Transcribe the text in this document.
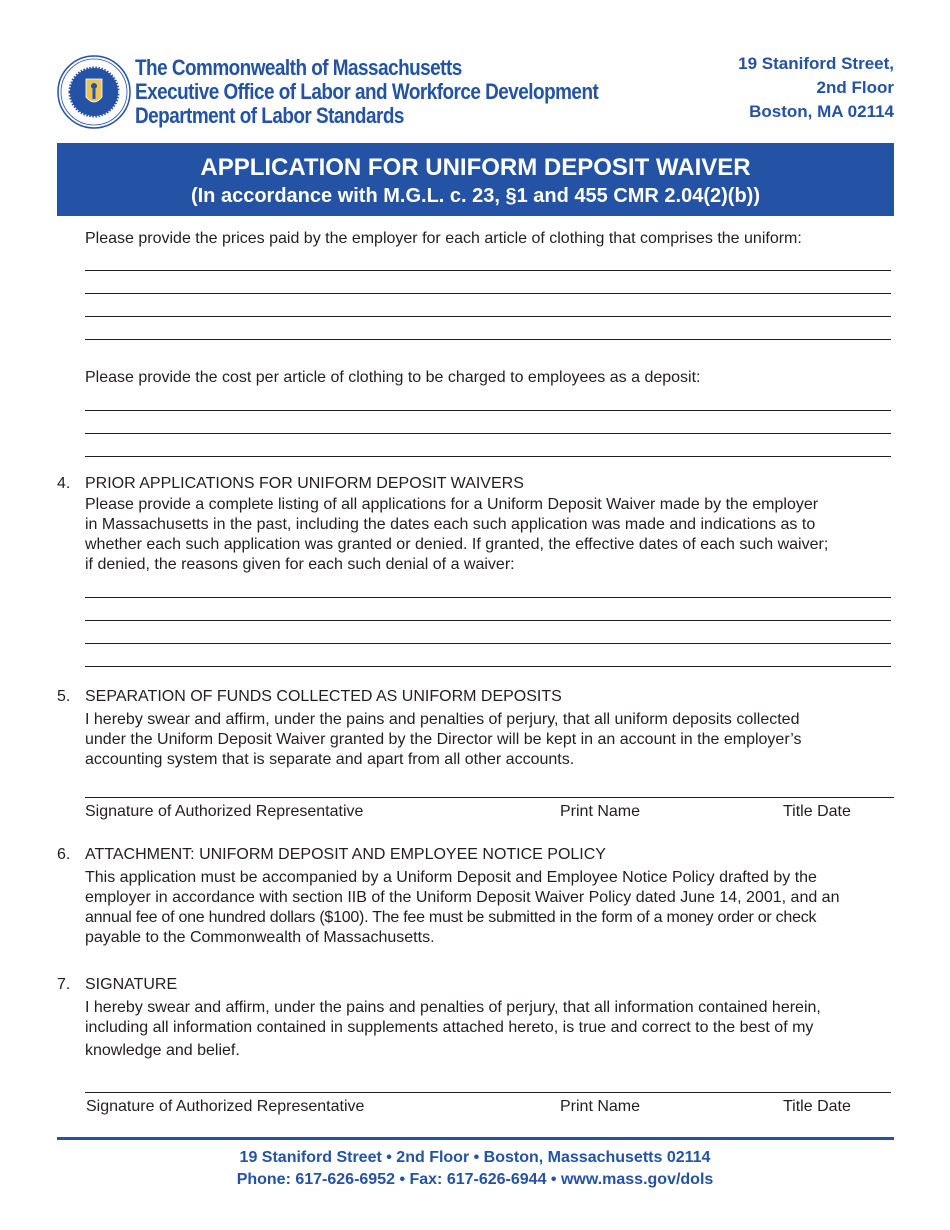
The Commonwealth of Massachusetts
Executive Office of Labor and Workforce Development
Department of Labor Standards
19 Staniford Street,
2nd Floor
Boston, MA 02114
APPLICATION FOR UNIFORM DEPOSIT WAIVER
(In accordance with M.G.L. c. 23, §1 and 455 CMR 2.04(2)(b))
Please provide the prices paid by the employer for each article of clothing that comprises the uniform:
Please provide the cost per article of clothing to be charged to employees as a deposit:
4. PRIOR APPLICATIONS FOR UNIFORM DEPOSIT WAIVERS
Please provide a complete listing of all applications for a Uniform Deposit Waiver made by the employer
in Massachusetts in the past, including the dates each such application was made and indications as to
whether each such application was granted or denied. If granted, the effective dates of each such waiver;
if denied, the reasons given for each such denial of a waiver:
5. SEPARATION OF FUNDS COLLECTED AS UNIFORM DEPOSITS
I hereby swear and affirm, under the pains and penalties of perjury, that all uniform deposits collected
under the Uniform Deposit Waiver granted by the Director will be kept in an account in the employer’s
accounting system that is separate and apart from all other accounts.
Signature of Authorized Representative	Print Name	Title Date
6. ATTACHMENT: UNIFORM DEPOSIT AND EMPLOYEE NOTICE POLICY
This application must be accompanied by a Uniform Deposit and Employee Notice Policy drafted by the
employer in accordance with section IIB of the Uniform Deposit Waiver Policy dated June 14, 2001, and an
annual fee of one hundred dollars ($100). The fee must be submitted in the form of a money order or check
payable to the Commonwealth of Massachusetts.
7. SIGNATURE
I hereby swear and affirm, under the pains and penalties of perjury, that all information contained herein,
including all information contained in supplements attached hereto, is true and correct to the best of my
knowledge and belief.
Signature of Authorized Representative	Print Name	Title Date
19 Staniford Street • 2nd Floor • Boston, Massachusetts 02114
Phone: 617-626-6952 • Fax: 617-626-6944 • www.mass.gov/dols
